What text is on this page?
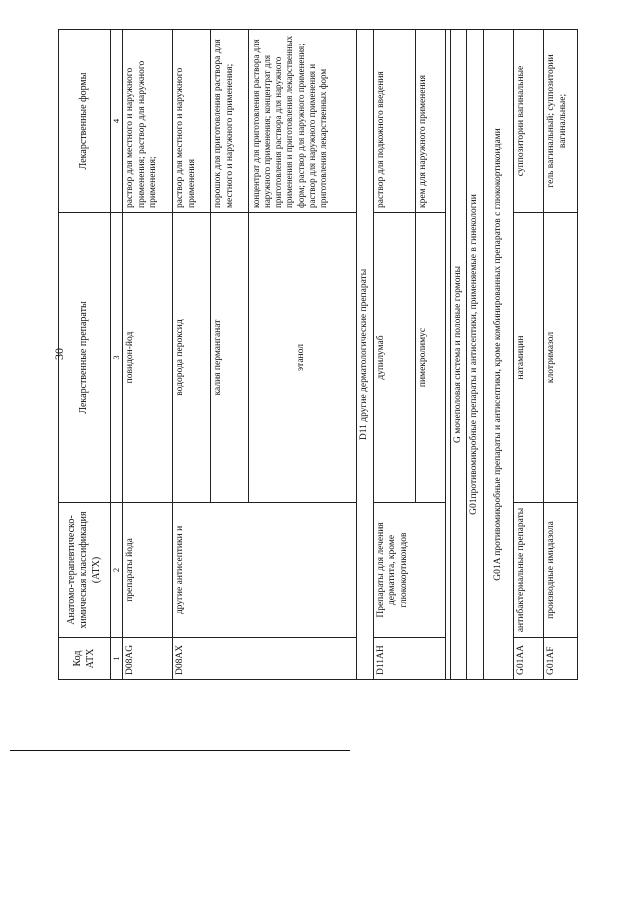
30
Код АТХ	Анатомо-терапевтическо-химическая классификация (АТХ)	Лекарственные препараты	Лекарственные формы
1	2	3	4
D08AG	препараты йода	повидон-йод	раствор для местного и наружного применения; раствор для наружного применения;
D08AX	другие антисептики и	водорода пероксид	раствор для местного и наружного применения
		калия перманганат	порошок для приготовления раствора для местного и наружного применения;
		этанол	концентрат для приготовления раствора для наружного применения; концентрат для приготовления раствора для наружного применения и приготовления лекарственных форм; раствор для наружного применения; раствор для наружного применения и приготовления лекарственных форм
D11 другие дерматологические препараты			
D11AH	Препараты для лечения дерматита, кроме глюкокортикоидов	дупилумаб	раствор для подкожного введения
		пимекролимус	крем для наружного применения

G мочеполовая система и половые гормоны			
G01противомикробные препараты и антисептики, применяемые в гинекологии			
G01A противомикробные препараты и антисептики, кроме комбинированных препаратов с глюкокортикоидами			
G01AA	антибактериальные препараты	натамицин	суппозитории вагинальные
G01AF	производные имидазола	клотримазол	гель вагинальный; суппозитории вагинальные;
